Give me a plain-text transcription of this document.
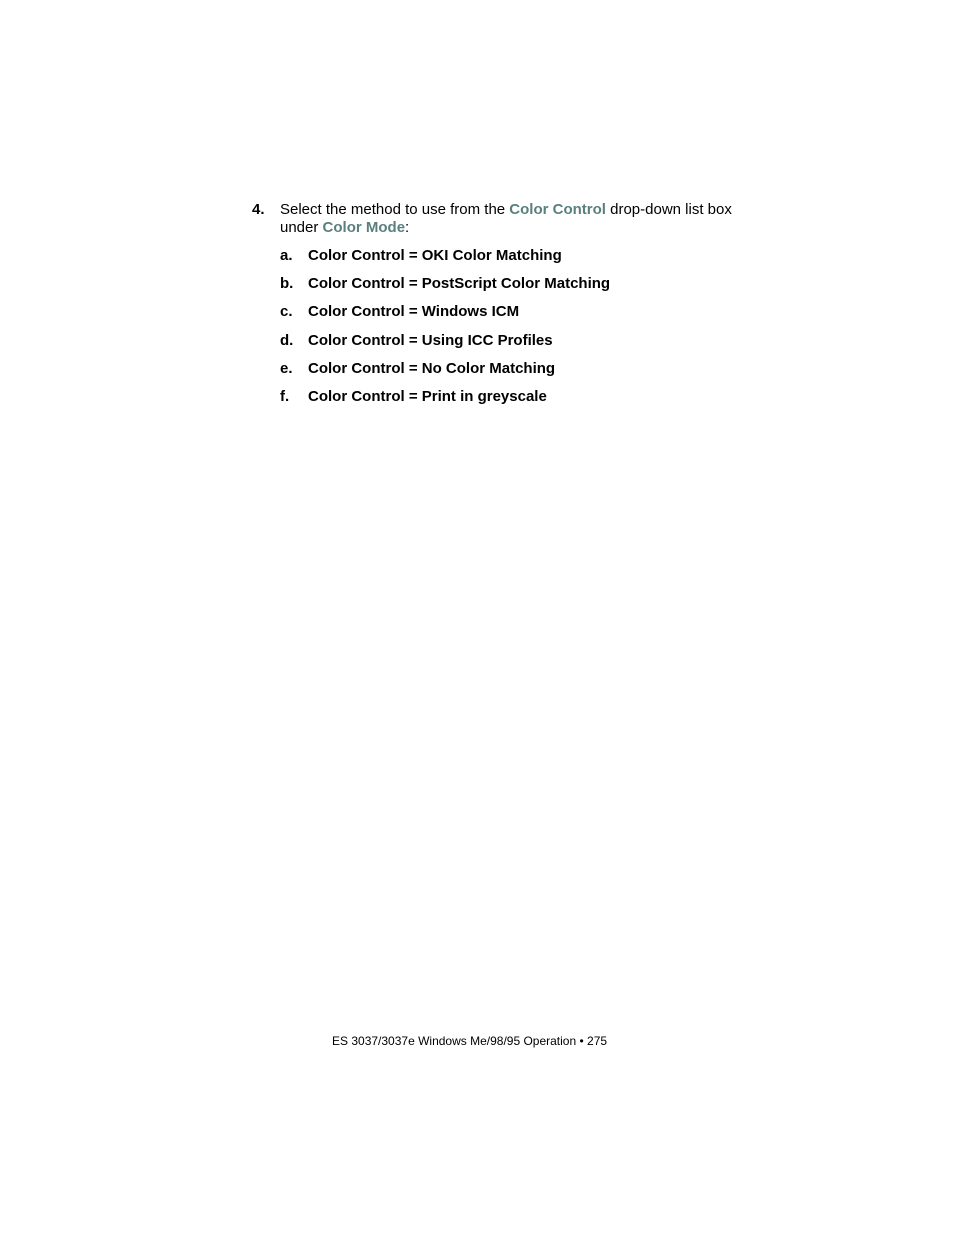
4. Select the method to use from the Color Control drop-down list box under Color Mode:
a. Color Control = OKI Color Matching
b. Color Control = PostScript Color Matching
c. Color Control = Windows ICM
d. Color Control = Using ICC Profiles
e. Color Control = No Color Matching
f. Color Control = Print in greyscale
ES 3037/3037e Windows Me/98/95 Operation • 275
